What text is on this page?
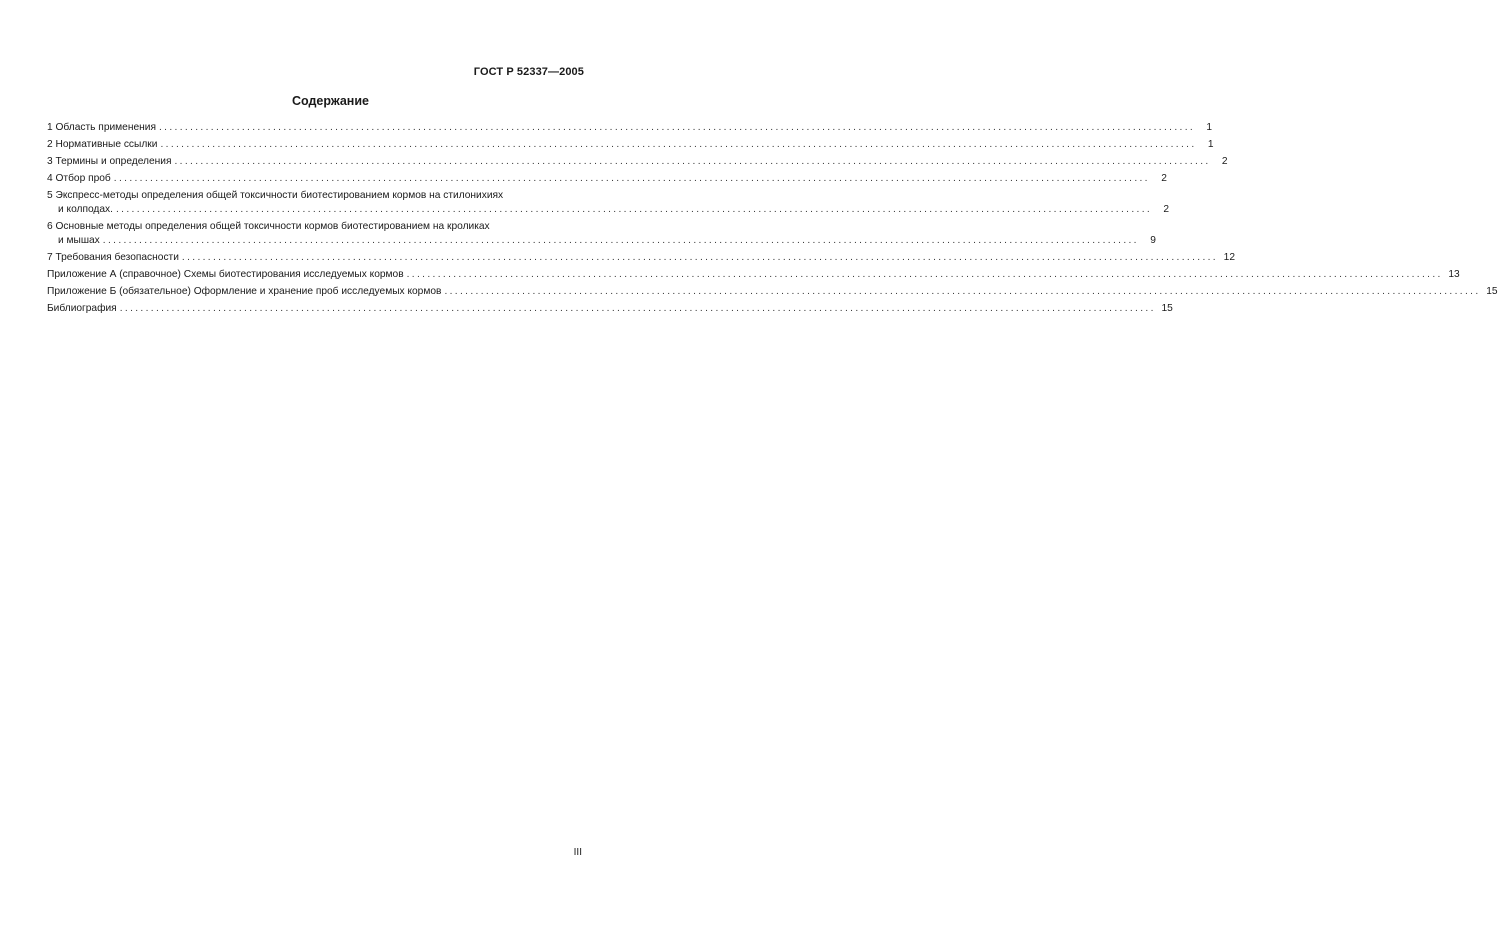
ГОСТ Р 52337—2005
Содержание
1 Область применения ........................................................................................................................................................................................................	1
2 Нормативные ссылки ........................................................................................................................................................................................................	1
3 Термины и определения ........................................................................................................................................................................................................	2
4 Отбор проб ........................................................................................................................................................................................................	2
5 Экспресс-методы определения общей токсичности биотестированием кормов на стилонихиях
и колподах. ........................................................................................................................................................................................................	2
6 Основные методы определения общей токсичности кормов биотестированием на кроликах
и мышах ........................................................................................................................................................................................................	9
7 Требования безопасности ........................................................................................................................................................................................................ 12
Приложение А (справочное) Схемы биотестирования исследуемых кормов ........................................................................................................................................................................................................ 13
Приложение Б (обязательное) Оформление и хранение проб исследуемых кормов ........................................................................................................................................................................................................ 15
Библиография ........................................................................................................................................................................................................ 15
III
